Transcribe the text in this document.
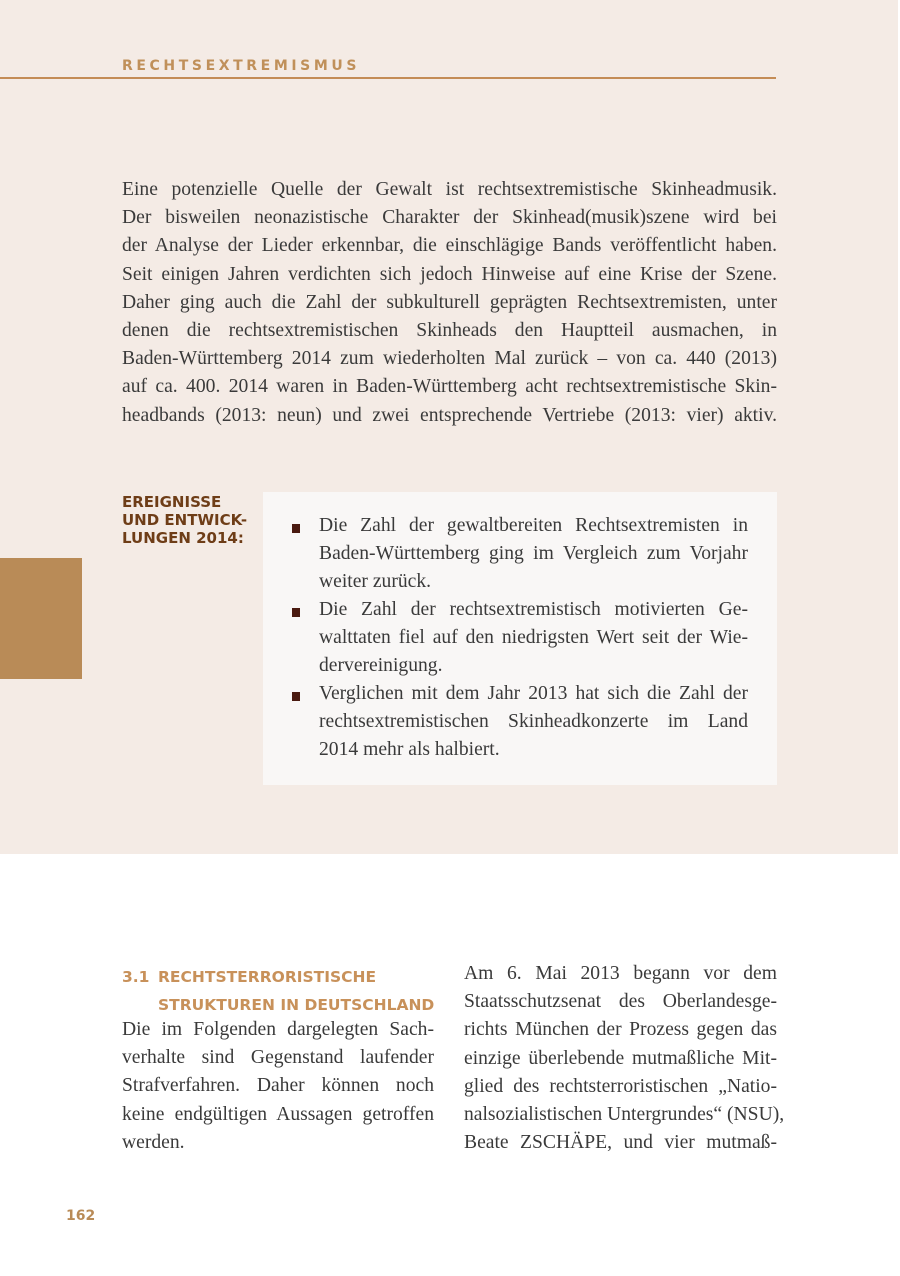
RECHTSEXTREMISMUS
Eine potenzielle Quelle der Gewalt ist rechtsextremistische Skinheadmusik.
Der bisweilen neonazistische Charakter der Skinhead(musik)szene wird bei
der Analyse der Lieder erkennbar, die einschlägige Bands veröffentlicht haben.
Seit einigen Jahren verdichten sich jedoch Hinweise auf eine Krise der Szene.
Daher ging auch die Zahl der subkulturell geprägten Rechtsextremisten, unter
denen die rechtsextremistischen Skinheads den Hauptteil ausmachen, in
Baden-Württemberg 2014 zum wiederholten Mal zurück – von ca. 440 (2013)
auf ca. 400. 2014 waren in Baden-Württemberg acht rechtsextremistische Skin-
headbands (2013: neun) und zwei entsprechende Vertriebe (2013: vier) aktiv.
EREIGNISSE
UND ENTWICK-
LUNGEN 2014:
Die Zahl der gewaltbereiten Rechtsextremisten in
Baden-Württemberg ging im Vergleich zum Vorjahr
weiter zurück.
Die Zahl der rechtsextremistisch motivierten Ge-
walttaten fiel auf den niedrigsten Wert seit der Wie-
dervereinigung.
Verglichen mit dem Jahr 2013 hat sich die Zahl der
rechtsextremistischen Skinheadkonzerte im Land
2014 mehr als halbiert.
3.1 RECHTSTERRORISTISCHE
STRUKTUREN IN DEUTSCHLAND
Die im Folgenden dargelegten Sach-
verhalte sind Gegenstand laufender
Strafverfahren. Daher können noch
keine endgültigen Aussagen getroffen
werden.
Am 6. Mai 2013 begann vor dem
Staatsschutzsenat des Oberlandesge-
richts München der Prozess gegen das
einzige überlebende mutmaßliche Mit-
glied des rechtsterroristischen „Natio-
nalsozialistischen Untergrundes“ (NSU),
Beate ZSCHÄPE, und vier mutmaß-
162
